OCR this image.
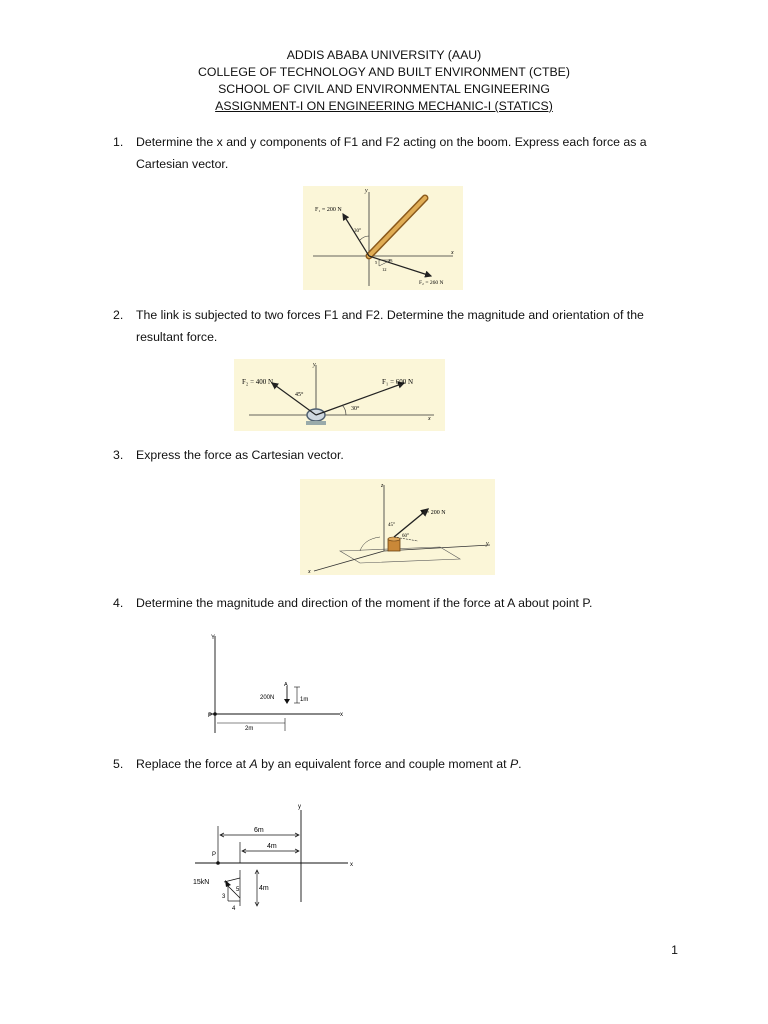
ADDIS ABABA UNIVERSITY (AAU)
COLLEGE OF TECHNOLOGY AND BUILT ENVIRONMENT (CTBE)
SCHOOL OF CIVIL AND ENVIRONMENTAL ENGINEERING
ASSIGNMENT-I ON ENGINEERING MECHANIC-I (STATICS)
1. Determine the x and y components of F1 and F2 acting on the boom. Express each force as a Cartesian vector.
F₁ = 200 N
30°
y
x
13
12
5
F₂ = 260 N
2. The link is subjected to two forces F1 and F2. Determine the magnitude and orientation of the resultant force.
F₂ = 400 N	F₁ = 600 N
45°
30°
y
x
3. Express the force as Cartesian vector.
F = 200 N
45°
60°
z
y
x
4. Determine the magnitude and direction of the moment if the force at A about point P.
Y
x
A
200N	1m
P
2m
5. Replace the force at A by an equivalent force and couple moment at P.
y
x
P
6m
4m
15kN
5
3
4
4m
1
